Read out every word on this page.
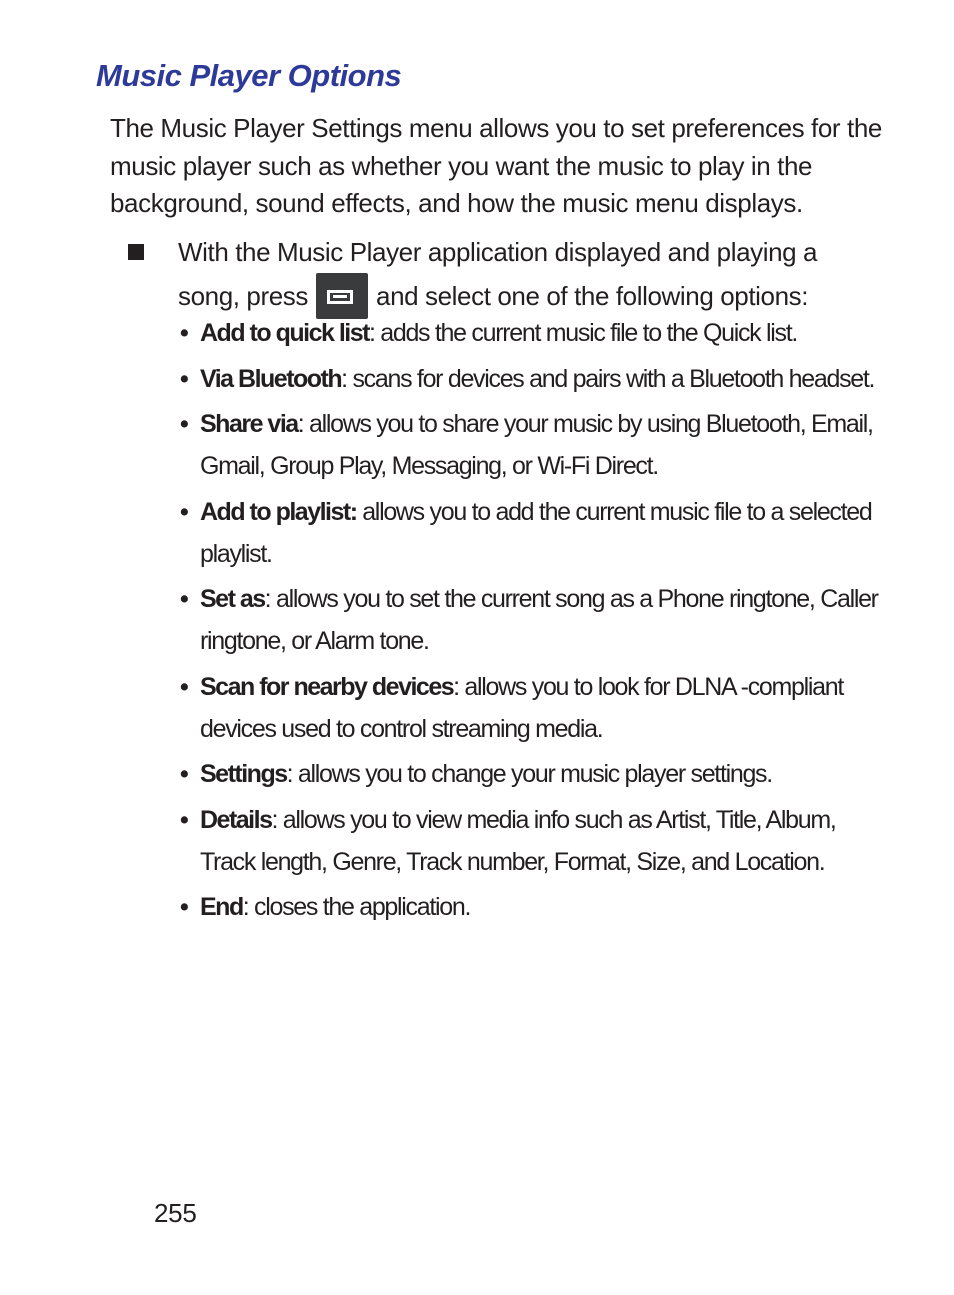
Music Player Options
The Music Player Settings menu allows you to set preferences for the music player such as whether you want the music to play in the background, sound effects, and how the music menu displays.
With the Music Player application displayed and playing a
song, press	and select one of the following options:
• Add to quick list: adds the current music file to the Quick list.
• Via Bluetooth: scans for devices and pairs with a Bluetooth headset.
• Share via: allows you to share your music by using Bluetooth, Email, Gmail, Group Play, Messaging, or Wi-Fi Direct.
• Add to playlist: allows you to add the current music file to a selected playlist.
• Set as: allows you to set the current song as a Phone ringtone, Caller ringtone, or Alarm tone.
• Scan for nearby devices: allows you to look for DLNA -compliant devices used to control streaming media.
• Settings: allows you to change your music player settings.
• Details: allows you to view media info such as Artist, Title, Album, Track length, Genre, Track number, Format, Size, and Location.
• End: closes the application.
255
